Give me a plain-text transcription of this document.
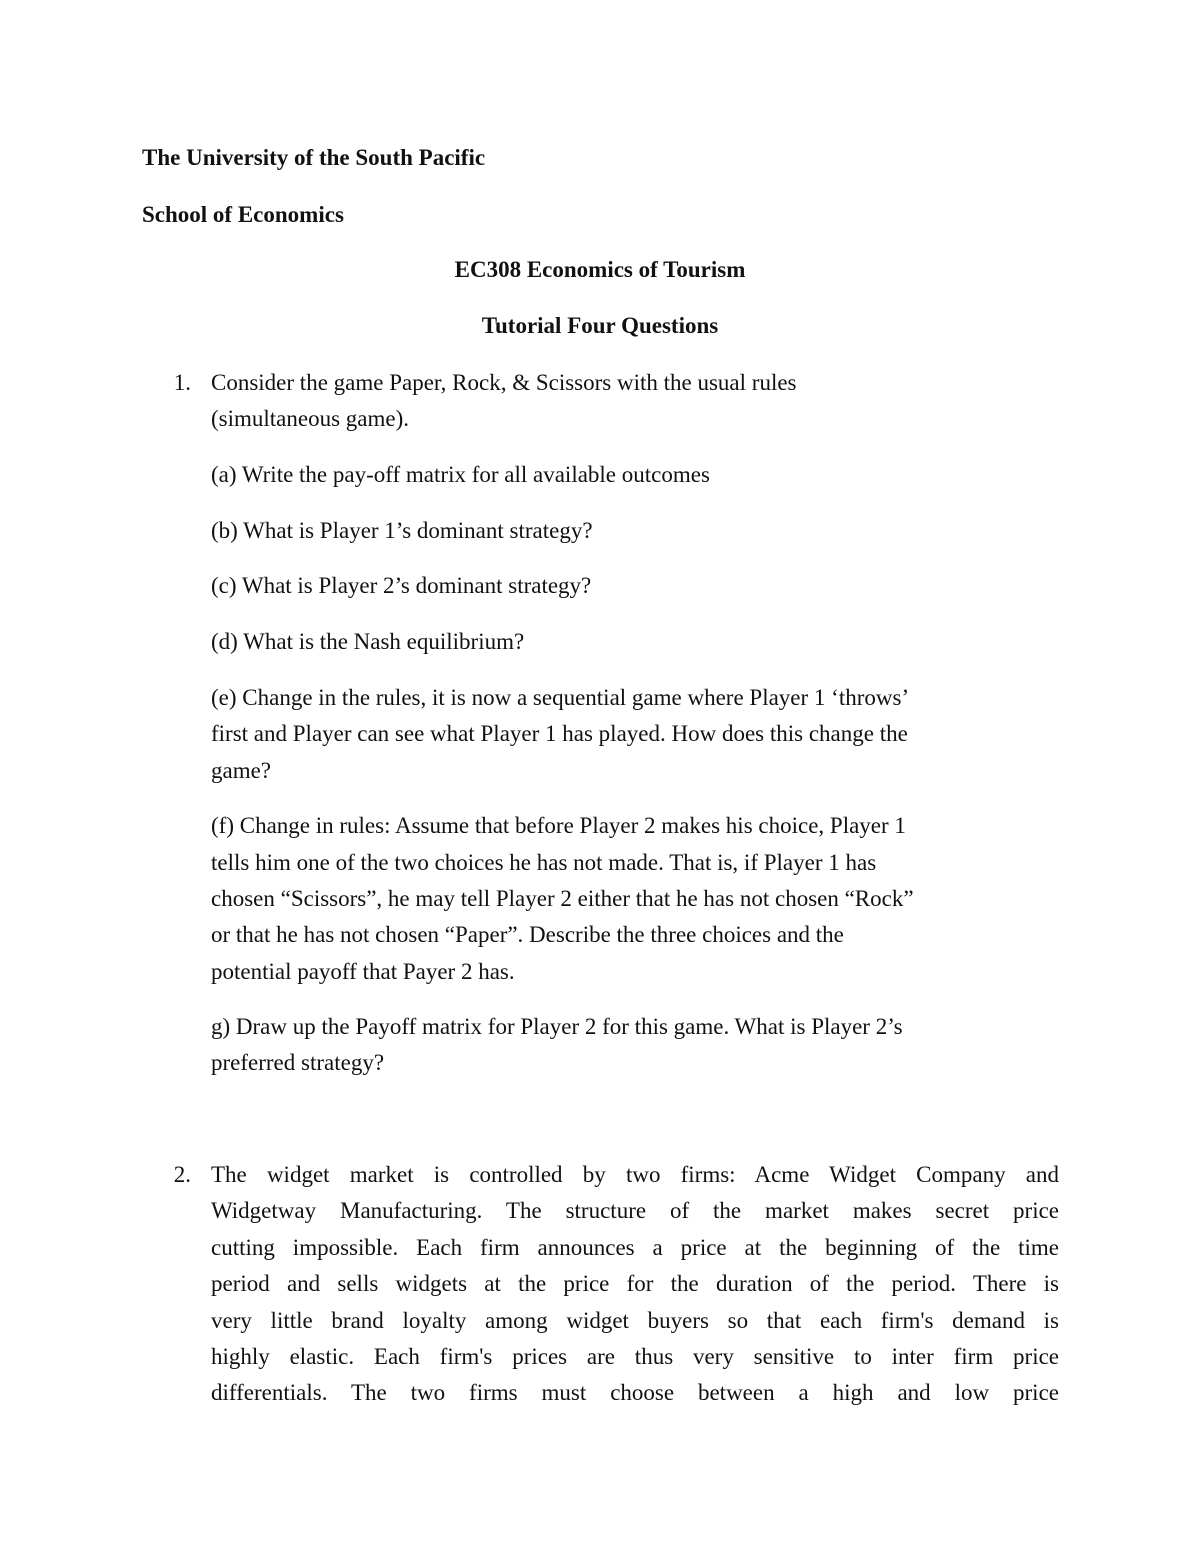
The University of the South Pacific
School of Economics
EC308 Economics of Tourism
Tutorial Four Questions
1. Consider the game Paper, Rock, & Scissors with the usual rules
(simultaneous game).
(a) Write the pay-off matrix for all available outcomes
(b) What is Player 1’s dominant strategy?
(c) What is Player 2’s dominant strategy?
(d) What is the Nash equilibrium?
(e) Change in the rules, it is now a sequential game where Player 1 ‘throws’
first and Player can see what Player 1 has played. How does this change the
game?
(f) Change in rules: Assume that before Player 2 makes his choice, Player 1
tells him one of the two choices he has not made. That is, if Player 1 has
chosen “Scissors”, he may tell Player 2 either that he has not chosen “Rock”
or that he has not chosen “Paper”. Describe the three choices and the
potential payoff that Payer 2 has.
g) Draw up the Payoff matrix for Player 2 for this game. What is Player 2’s
preferred strategy?
2. The widget market is controlled by two firms: Acme Widget Company and
Widgetway Manufacturing. The structure of the market makes secret price
cutting impossible. Each firm announces a price at the beginning of the time
period and sells widgets at the price for the duration of the period. There is
very little brand loyalty among widget buyers so that each firm's demand is
highly elastic. Each firm's prices are thus very sensitive to inter firm price
differentials. The two firms must choose between a high and low price
